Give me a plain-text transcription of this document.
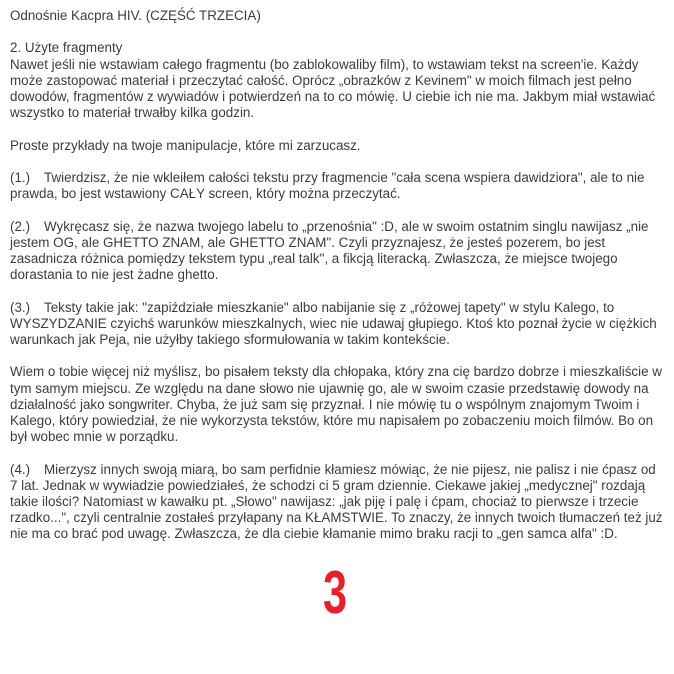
Odnośnie Kacpra HIV. (CZĘŚĆ TRZECIA)

2. Użyte fragmenty

Nawet jeśli nie wstawiam całego fragmentu (bo zablokowaliby film), to wstawiam tekst na screen'ie. Każdy może zastopować materiał i przeczytać całość. Oprócz „obrazków z Kevinem" w moich filmach jest pełno dowodów, fragmentów z wywiadów i potwierdzeń na to co mówię. U ciebie ich nie ma. Jakbym miał wstawiać wszystko to materiał trwałby kilka godzin.

Proste przykłady na twoje manipulacje, które mi zarzucasz.

(1.) Twierdzisz, że nie wkleiłem całości tekstu przy fragmencie "cała scena wspiera dawidziora", ale to nie prawda, bo jest wstawiony CAŁY screen, który można przeczytać.

(2.) Wykręcasz się, że nazwa twojego labelu to „przenośnia" :D, ale w swoim ostatnim singlu nawijasz „nie jestem OG, ale GHETTO ZNAM, ale GHETTO ZNAM". Czyli przyznajesz, że jesteś pozerem, bo jest zasadnicza różnica pomiędzy tekstem typu „real talk", a fikcją literacką. Zwłaszcza, że miejsce twojego dorastania to nie jest żadne ghetto.

(3.) Teksty takie jak: "zapiździałe mieszkanie" albo nabijanie się z „różowej tapety" w stylu Kalego, to WYSZYDZANIE czyichś warunków mieszkalnych, wiec nie udawaj głupiego. Ktoś kto poznał życie w ciężkich warunkach jak Peja, nie użyłby takiego sformułowania w takim kontekście.

Wiem o tobie więcej niż myślisz, bo pisałem teksty dla chłopaka, który zna cię bardzo dobrze i mieszkaliście w tym samym miejscu. Ze względu na dane słowo nie ujawnię go, ale w swoim czasie przedstawię dowody na działalność jako songwriter. Chyba, że już sam się przyznał. I nie mówię tu o wspólnym znajomym Twoim i Kalego, który powiedział, że nie wykorzysta tekstów, które mu napisałem po zobaczeniu moich filmów. Bo on był wobec mnie w porządku.

(4.) Mierzysz innych swoją miarą, bo sam perfidnie kłamiesz mówiąc, że nie pijesz, nie palisz i nie ćpasz od 7 lat. Jednak w wywiadzie powiedziałeś, że schodzi ci 5 gram dziennie. Ciekawe jakiej „medycznej" rozdają takie ilości? Natomiast w kawałku pt. „Słowo" nawijasz: „jak piję i palę i ćpam, chociaż to pierwsze i trzecie rzadko...", czyli centralnie zostałeś przyłapany na KŁAMSTWIE. To znaczy, że innych twoich tłumaczeń też już nie ma co brać pod uwagę. Zwłaszcza, że dla ciebie kłamanie mimo braku racji to „gen samca alfa" :D.

3
